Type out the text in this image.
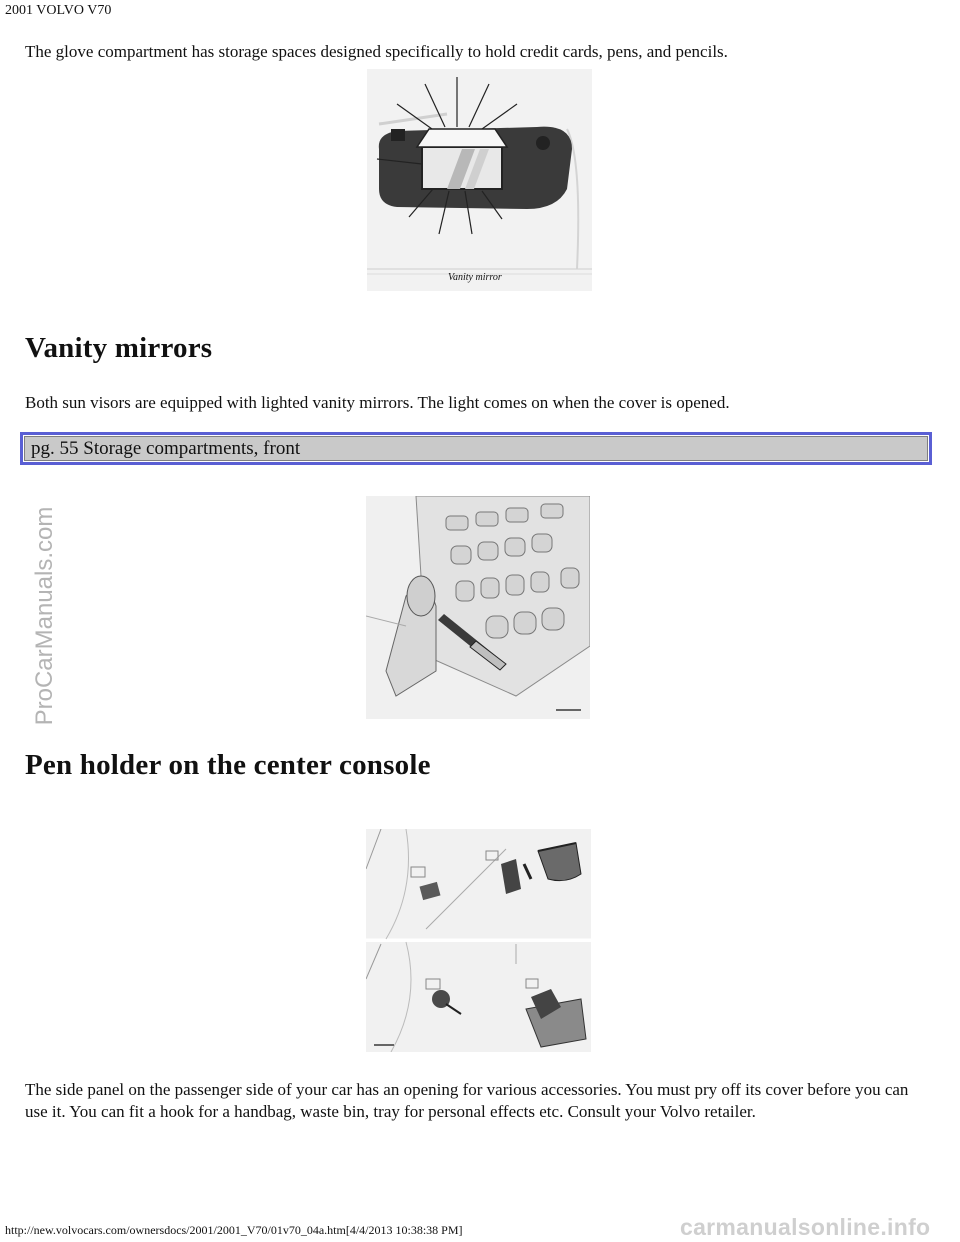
2001 VOLVO V70
The glove compartment has storage spaces designed specifically to hold credit cards, pens, and pencils.
Vanity mirror
Vanity mirrors
Both sun visors are equipped with lighted vanity mirrors. The light comes on when the cover is opened.
pg. 55 Storage compartments, front
Pen holder on the center console
The side panel on the passenger side of your car has an opening for various accessories. You must pry off its cover before you can use it. You can fit a hook for a handbag, waste bin, tray for personal effects etc. Consult your Volvo retailer.
ProCarManuals.com
http://new.volvocars.com/ownersdocs/2001/2001_V70/01v70_04a.htm[4/4/2013 10:38:38 PM]	carmanualsonline.info
